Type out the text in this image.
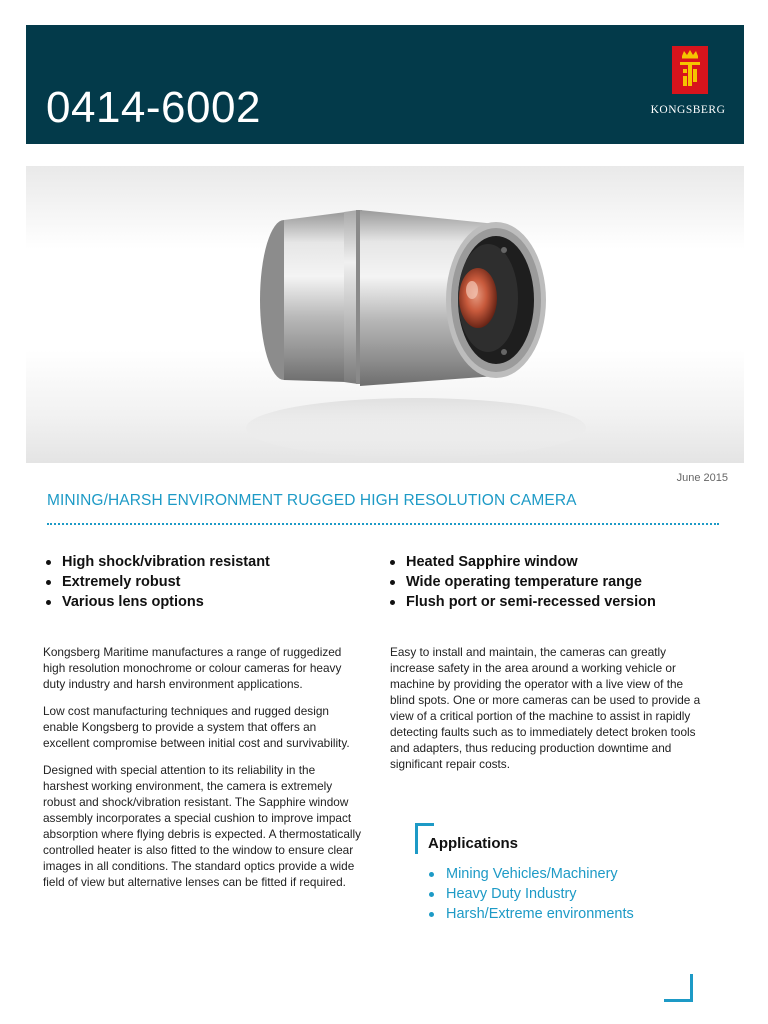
0414-6002	KONGSBERG
June 2015
MINING/HARSH ENVIRONMENT RUGGED HIGH RESOLUTION CAMERA
High shock/vibration resistant
Extremely robust
Various lens options
Heated Sapphire window
Wide operating temperature range
Flush port or semi-recessed version

Kongsberg Maritime manufactures a range of ruggedized high resolution monochrome or colour cameras for heavy duty industry and harsh environment applications.

Low cost manufacturing techniques and rugged design enable Kongsberg to provide a system that offers an excellent compromise between initial cost and survivability.

Designed with special attention to its reliability in the harshest working environment, the camera is extremely robust and shock/vibration resistant. The Sapphire window assembly incorporates a special cushion to improve impact absorption where flying debris is expected. A thermostatically controlled heater is also fitted to the window to ensure clear images in all conditions. The standard optics provide a wide field of view but alternative lenses can be fitted if required.

Easy to install and maintain, the cameras can greatly increase safety in the area around a working vehicle or machine by providing the operator with a live view of the blind spots. One or more cameras can be used to provide a view of a critical portion of the machine to assist in rapidly detecting faults such as to immediately detect broken tools and adapters, thus reducing production downtime and significant repair costs.

Applications
Mining Vehicles/Machinery
Heavy Duty Industry
Harsh/Extreme environments
